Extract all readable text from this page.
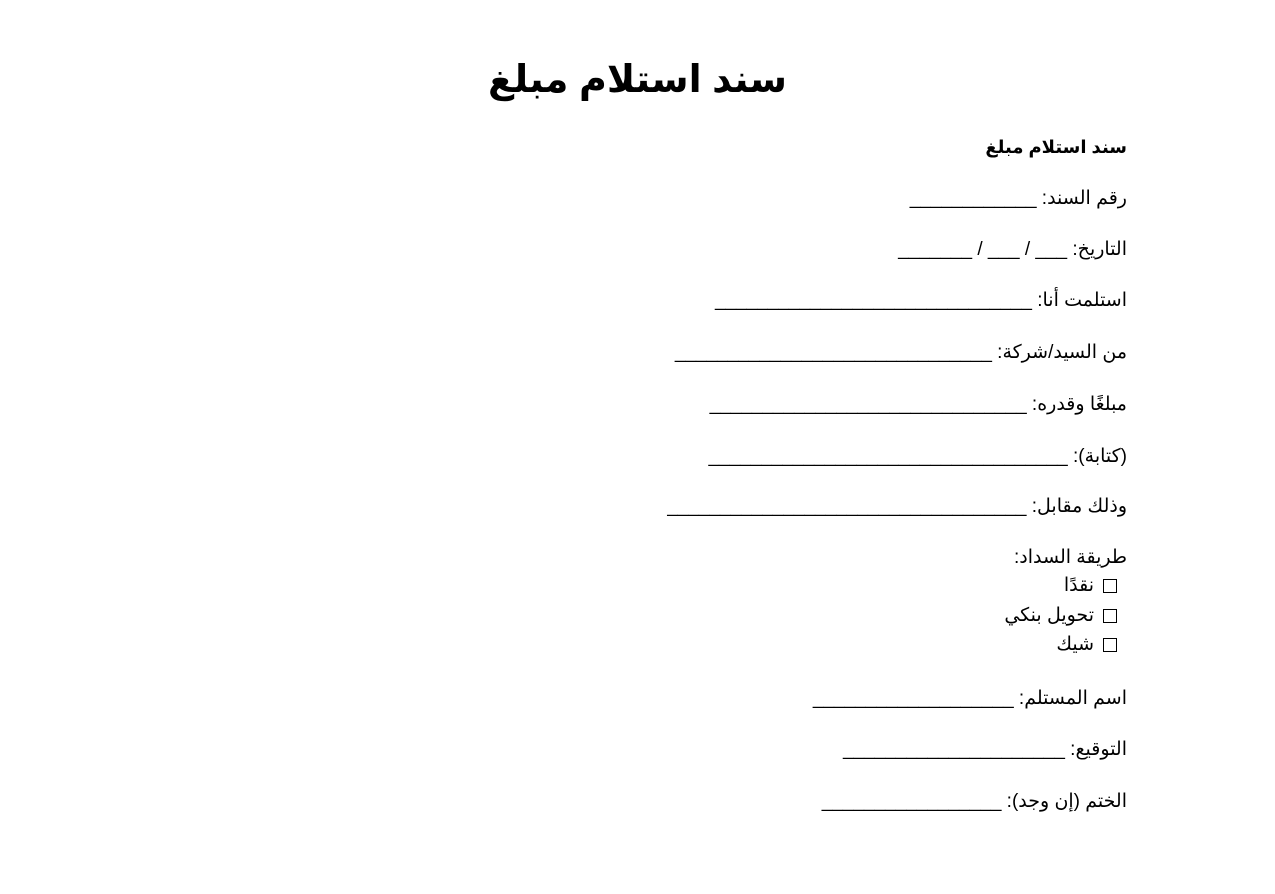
سند استلام مبلغ
سند استلام مبلغ
رقم السند: ____________
التاريخ: ___ / ___ / _______
استلمت أنا: ______________________________
من السيد/شركة: ______________________________
مبلغًا وقدره: ______________________________
(كتابة): __________________________________
وذلك مقابل: __________________________________
طريقة السداد:
نقدًا
تحويل بنكي
شيك
اسم المستلم: ___________________
التوقيع: _____________________
الختم (إن وجد): _________________
